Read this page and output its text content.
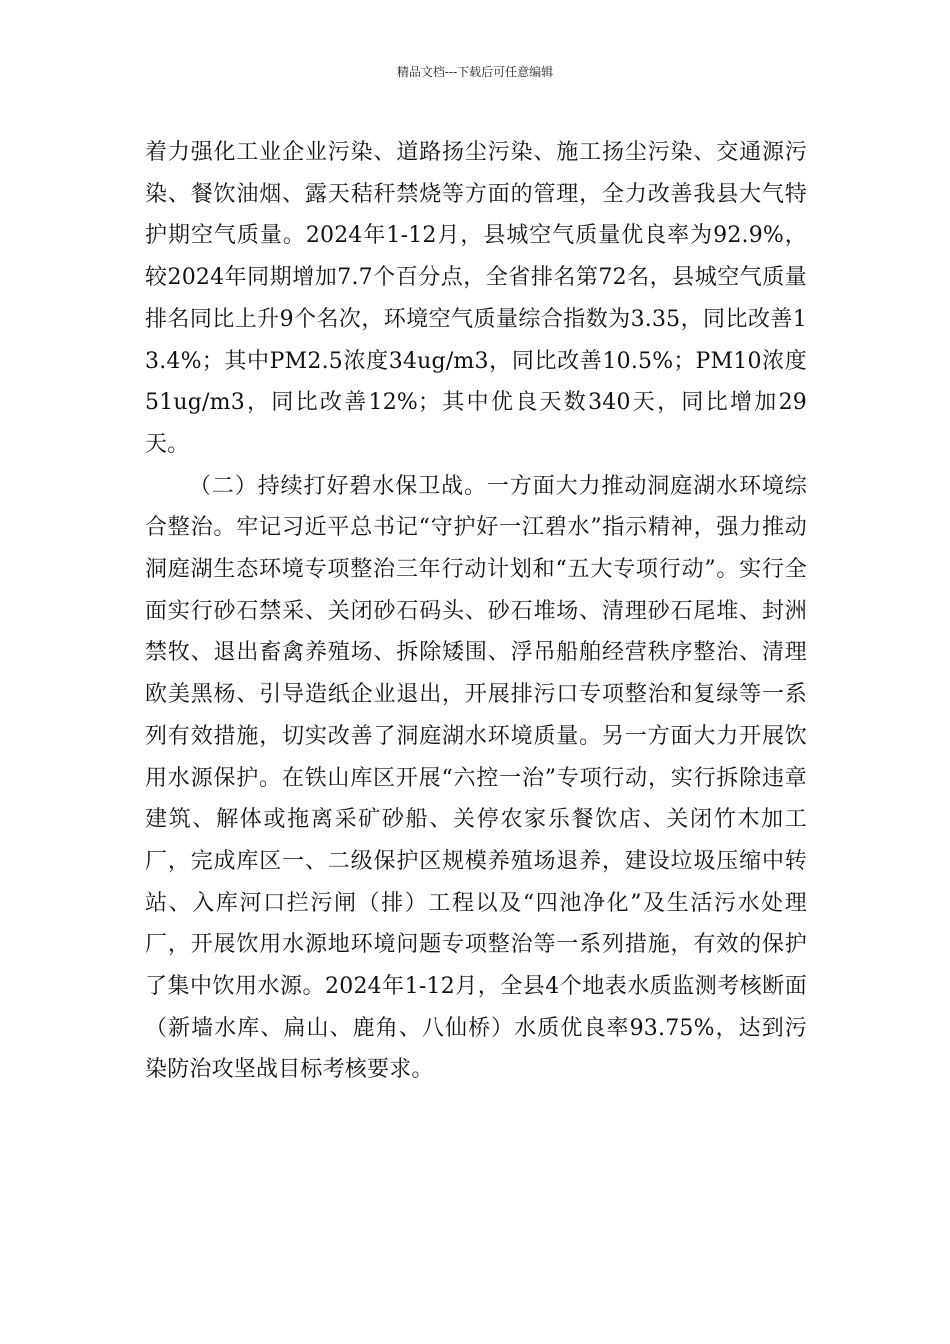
精品文档---下载后可任意编辑

着力强化工业企业污染、道路扬尘污染、施工扬尘污染、交通源污染、餐饮油烟、露天秸秆禁烧等方面的管理，全力改善我县大气特护期空气质量。2024年1-12月，县城空气质量优良率为92.9%，较2024年同期增加7.7个百分点，全省排名第72名，县城空气质量排名同比上升9个名次，环境空气质量综合指数为3.35，同比改善13.4%；其中PM2.5浓度34ug/m3，同比改善10.5%；PM10浓度51ug/m3，同比改善12%；其中优良天数340天，同比增加29天。

（二）持续打好碧水保卫战。一方面大力推动洞庭湖水环境综合整治。牢记习近平总书记“守护好一江碧水”指示精神，强力推动洞庭湖生态环境专项整治三年行动计划和“五大专项行动”。实行全面实行砂石禁采、关闭砂石码头、砂石堆场、清理砂石尾堆、封洲禁牧、退出畜禽养殖场、拆除矮围、浮吊船舶经营秩序整治、清理欧美黑杨、引导造纸企业退出，开展排污口专项整治和复绿等一系列有效措施，切实改善了洞庭湖水环境质量。另一方面大力开展饮用水源保护。在铁山库区开展“六控一治”专项行动，实行拆除违章建筑、解体或拖离采矿砂船、关停农家乐餐饮店、关闭竹木加工厂，完成库区一、二级保护区规模养殖场退养，建设垃圾压缩中转站、入库河口拦污闸（排）工程以及“四池净化”及生活污水处理厂，开展饮用水源地环境问题专项整治等一系列措施，有效的保护了集中饮用水源。2024年1-12月，全县4个地表水质监测考核断面（新墙水库、扁山、鹿角、八仙桥）水质优良率93.75%，达到污染防治攻坚战目标考核要求。
